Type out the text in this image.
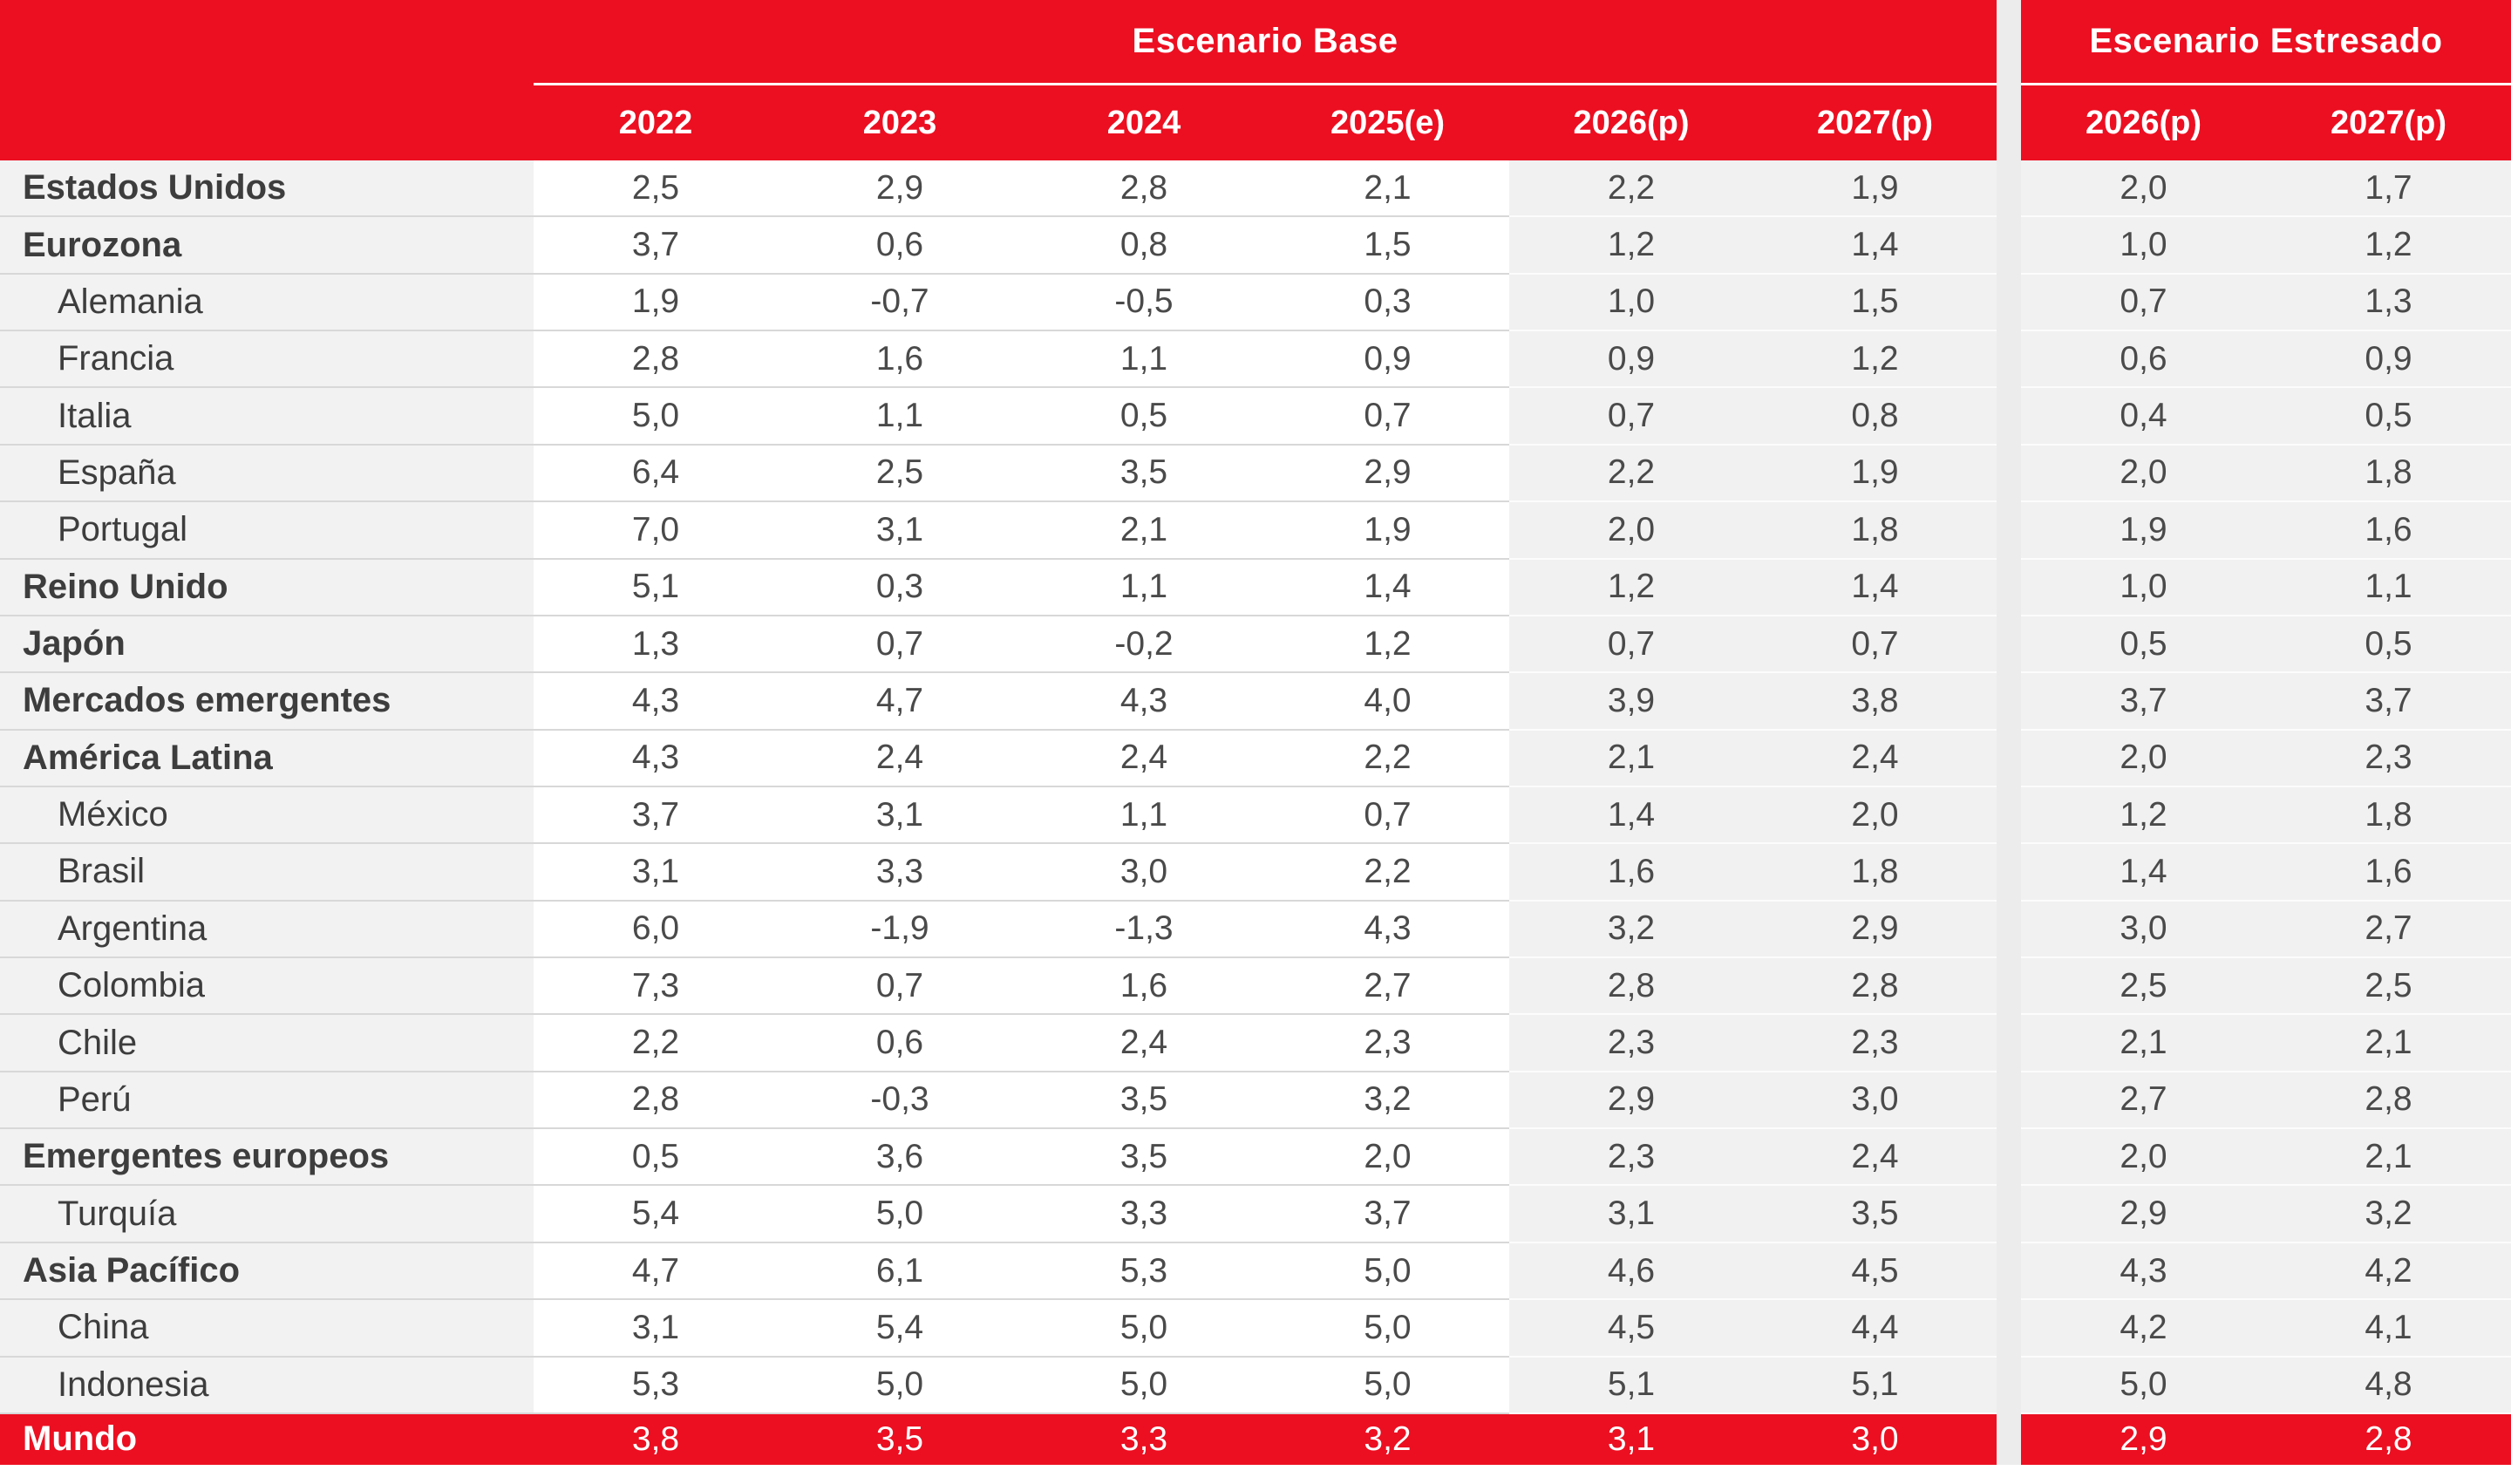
Escenario Base
2022	2023	2024	2025(e)	2026(p)	2027(p)
Escenario Estresado
2026(p)	2027(p)
Estados Unidos	2,5	2,9	2,8	2,1	2,2	1,9	2,0	1,7
Eurozona	3,7	0,6	0,8	1,5	1,2	1,4	1,0	1,2
Alemania	1,9	-0,7	-0,5	0,3	1,0	1,5	0,7	1,3
Francia	2,8	1,6	1,1	0,9	0,9	1,2	0,6	0,9
Italia	5,0	1,1	0,5	0,7	0,7	0,8	0,4	0,5
España	6,4	2,5	3,5	2,9	2,2	1,9	2,0	1,8
Portugal	7,0	3,1	2,1	1,9	2,0	1,8	1,9	1,6
Reino Unido	5,1	0,3	1,1	1,4	1,2	1,4	1,0	1,1
Japón	1,3	0,7	-0,2	1,2	0,7	0,7	0,5	0,5
Mercados emergentes	4,3	4,7	4,3	4,0	3,9	3,8	3,7	3,7
América Latina	4,3	2,4	2,4	2,2	2,1	2,4	2,0	2,3
México	3,7	3,1	1,1	0,7	1,4	2,0	1,2	1,8
Brasil	3,1	3,3	3,0	2,2	1,6	1,8	1,4	1,6
Argentina	6,0	-1,9	-1,3	4,3	3,2	2,9	3,0	2,7
Colombia	7,3	0,7	1,6	2,7	2,8	2,8	2,5	2,5
Chile	2,2	0,6	2,4	2,3	2,3	2,3	2,1	2,1
Perú	2,8	-0,3	3,5	3,2	2,9	3,0	2,7	2,8
Emergentes europeos	0,5	3,6	3,5	2,0	2,3	2,4	2,0	2,1
Turquía	5,4	5,0	3,3	3,7	3,1	3,5	2,9	3,2
Asia Pacífico	4,7	6,1	5,3	5,0	4,6	4,5	4,3	4,2
China	3,1	5,4	5,0	5,0	4,5	4,4	4,2	4,1
Indonesia	5,3	5,0	5,0	5,0	5,1	5,1	5,0	4,8
Mundo	3,8	3,5	3,3	3,2	3,1	3,0	2,9	2,8
